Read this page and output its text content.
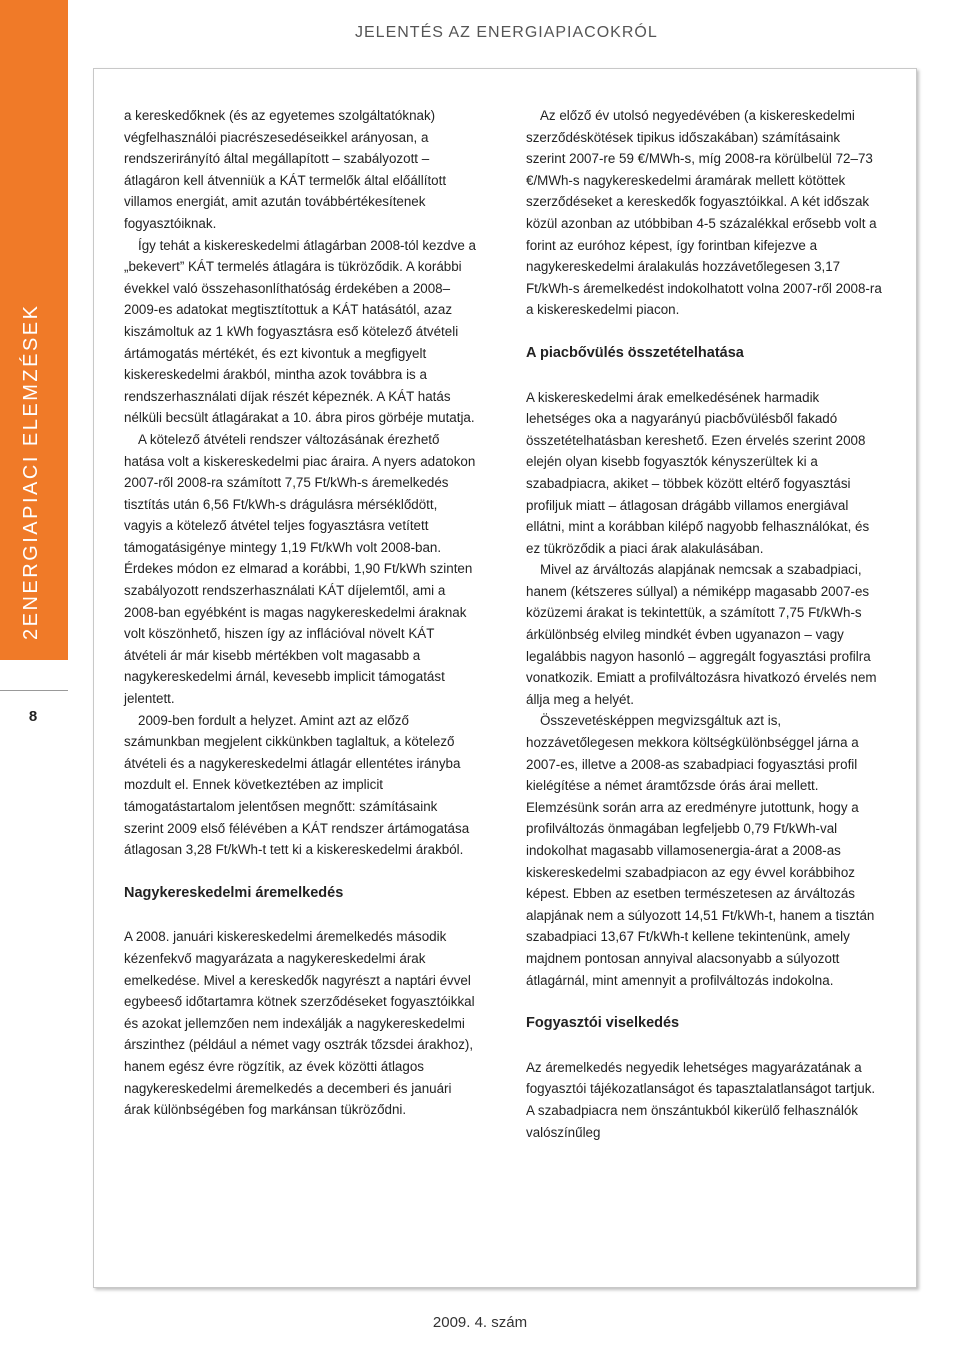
JELENTÉS AZ ENERGIAPIACOKRÓL
2ENERGIAPIACI ELEMZÉSEK
8

a kereskedőknek (és az egyetemes szolgáltatóknak) végfelhasználói piacrészesedéseikkel arányosan, a rendszerirányító által megállapított – szabályozott – átlagáron kell átvenniük a KÁT termelők által előállított villamos energiát, amit azután továbbértékesítenek fogyasztóiknak.

Így tehát a kiskereskedelmi átlagárban 2008-tól kezdve a „bekevert” KÁT termelés átlagára is tükröződik. A korábbi évekkel való összehasonlíthatóság érdekében a 2008–2009-es adatokat megtisztítottuk a KÁT hatásától, azaz kiszámoltuk az 1 kWh fogyasztásra eső kötelező átvételi ártámogatás mértékét, és ezt kivontuk a megfigyelt kiskereskedelmi árakból, mintha azok továbbra is a rendszerhasználati díjak részét képeznék. A KÁT hatás nélküli becsült átlagárakat a 10. ábra piros görbéje mutatja.

A kötelező átvételi rendszer változásának érezhető hatása volt a kiskereskedelmi piac áraira. A nyers adatokon 2007-ről 2008-ra számított 7,75 Ft/kWh-s áremelkedés tisztítás után 6,56 Ft/kWh-s drágulásra mérséklődött, vagyis a kötelező átvétel teljes fogyasztásra vetített támogatásigénye mintegy 1,19 Ft/kWh volt 2008-ban. Érdekes módon ez elmarad a korábbi, 1,90 Ft/kWh szinten szabályozott rendszerhasználati KÁT díjelemtől, ami a 2008-ban egyébként is magas nagykereskedelmi áraknak volt köszönhető, hiszen így az inflációval növelt KÁT átvételi ár már kisebb mértékben volt magasabb a nagykereskedelmi árnál, kevesebb implicit támogatást jelentett.

2009-ben fordult a helyzet. Amint azt az előző számunkban megjelent cikkünkben taglaltuk, a kötelező átvételi és a nagykereskedelmi átlagár ellentétes irányba mozdult el. Ennek következtében az implicit támogatástartalom jelentősen megnőtt: számításaink szerint 2009 első félévében a KÁT rendszer ártámogatása átlagosan 3,28 Ft/kWh-t tett ki a kiskereskedelmi árakból.

Nagykereskedelmi áremelkedés

A 2008. januári kiskereskedelmi áremelkedés második kézenfekvő magyarázata a nagykereskedelmi árak emelkedése. Mivel a kereskedők nagyrészt a naptári évvel egybeeső időtartamra kötnek szerződéseket fogyasztóikkal és azokat jellemzően nem indexálják a nagykereskedelmi árszinthez (például a német vagy osztrák tőzsdei árakhoz), hanem egész évre rögzítik, az évek közötti átlagos nagykereskedelmi áremelkedés a decemberi és januári árak különbségében fog markánsan tükröződni.

Az előző év utolsó negyedévében (a kiskereskedelmi szerződéskötések tipikus időszakában) számításaink szerint 2007-re 59 €/MWh-s, míg 2008-ra körülbelül 72–73 €/MWh-s nagykereskedelmi áramárak mellett kötöttek szerződéseket a kereskedők fogyasztóikkal. A két időszak közül azonban az utóbbiban 4-5 százalékkal erősebb volt a forint az euróhoz képest, így forintban kifejezve a nagykereskedelmi áralakulás hozzávetőlegesen 3,17 Ft/kWh-s áremelkedést indokolhatott volna 2007-ről 2008-ra a kiskereskedelmi piacon.

A piacbővülés összetételhatása

A kiskereskedelmi árak emelkedésének harmadik lehetséges oka a nagyarányú piacbővülésből fakadó összetételhatásban kereshető. Ezen érvelés szerint 2008 elején olyan kisebb fogyasztók kényszerültek ki a szabadpiacra, akiket – többek között eltérő fogyasztási profiljuk miatt – átlagosan drágább villamos energiával ellátni, mint a korábban kilépő nagyobb felhasználókat, és ez tükröződik a piaci árak alakulásában.

Mivel az árváltozás alapjának nemcsak a szabadpiaci, hanem (kétszeres súllyal) a némiképp magasabb 2007-es közüzemi árakat is tekintettük, a számított 7,75 Ft/kWh-s árkülönbség elvileg mindkét évben ugyanazon – vagy legalábbis nagyon hasonló – aggregált fogyasztási profilra vonatkozik. Emiatt a profilváltozásra hivatkozó érvelés nem állja meg a helyét.

Összevetésképpen megvizsgáltuk azt is, hozzávetőlegesen mekkora költségkülönbséggel járna a 2007-es, illetve a 2008-as szabadpiaci fogyasztási profil kielégítése a német áramtőzsde órás árai mellett. Elemzésünk során arra az eredményre jutottunk, hogy a profilváltozás önmagában legfeljebb 0,79 Ft/kWh-val indokolhat magasabb villamosenergia-árat a 2008-as kiskereskedelmi szabadpiacon az egy évvel korábbihoz képest. Ebben az esetben természetesen az árváltozás alapjának nem a súlyozott 14,51 Ft/kWh-t, hanem a tisztán szabadpiaci 13,67 Ft/kWh-t kellene tekintenünk, amely majdnem pontosan annyival alacsonyabb a súlyozott átlagárnál, mint amennyit a profilváltozás indokolna.

Fogyasztói viselkedés

Az áremelkedés negyedik lehetséges magyarázatának a fogyasztói tájékozatlanságot és tapasztalatlanságot tartjuk. A szabadpiacra nem önszántukból kikerülő felhasználók valószínűleg

2009. 4. szám
